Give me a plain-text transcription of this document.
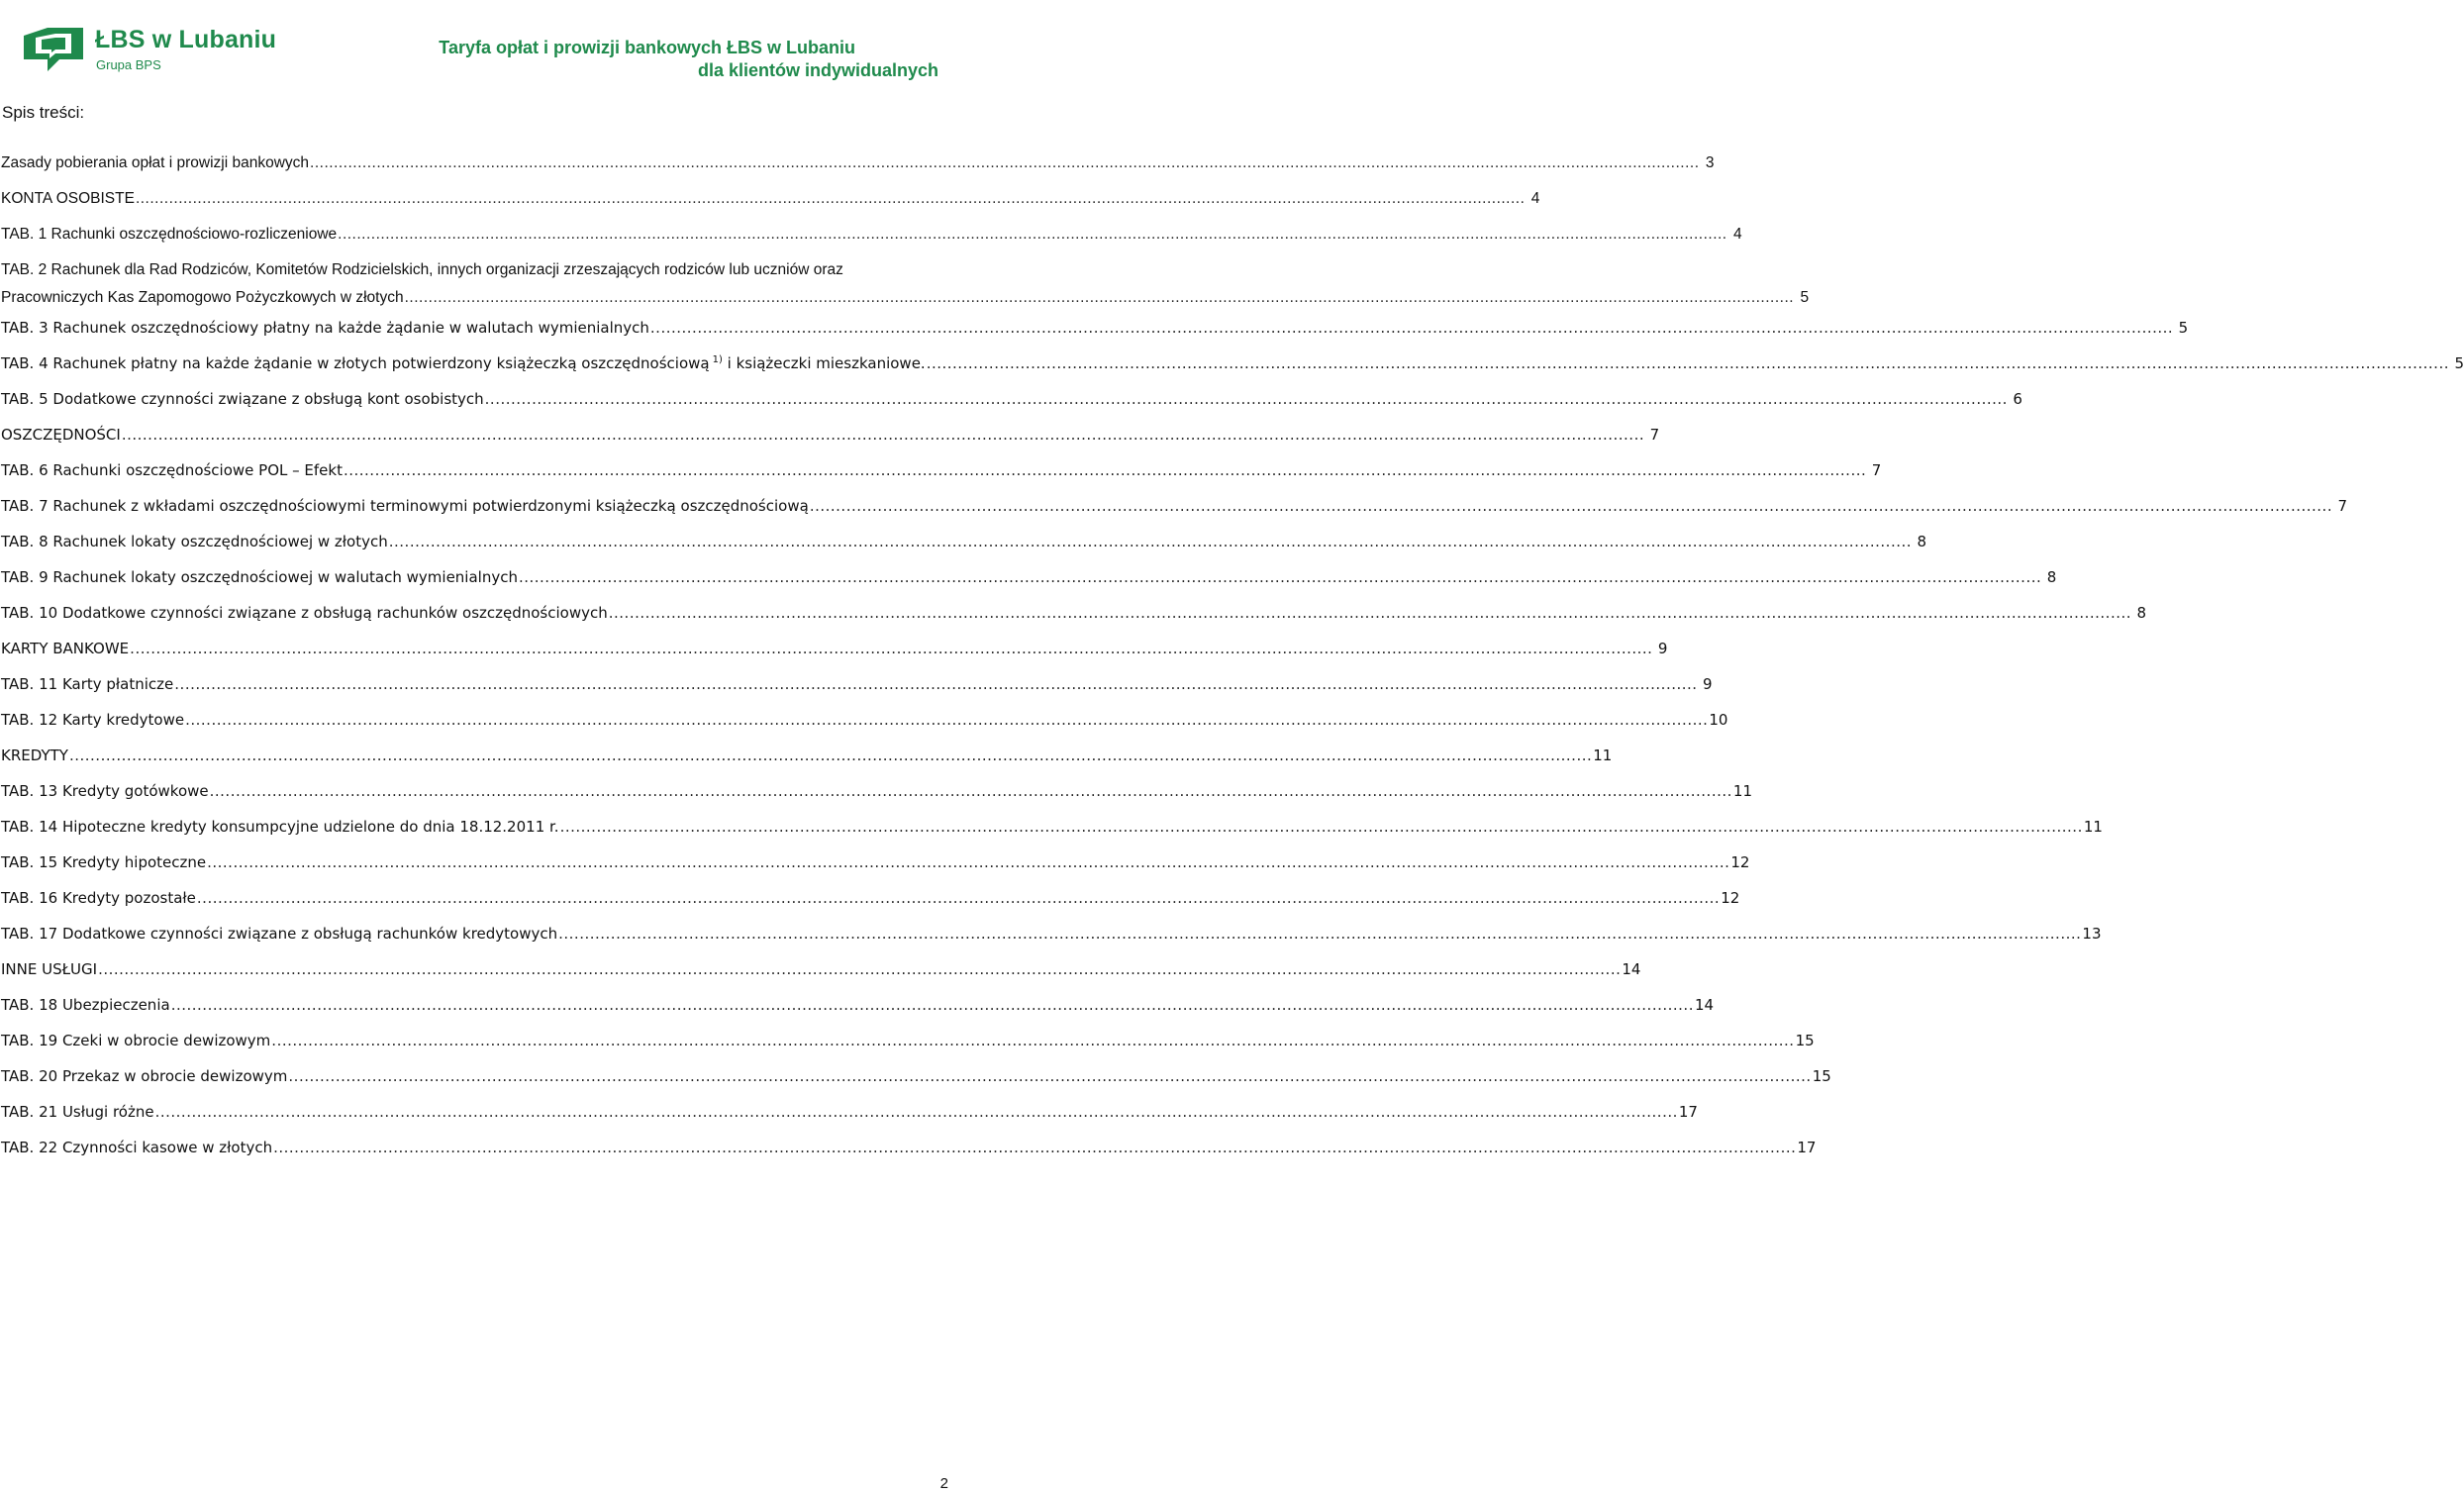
ŁBS w Lubaniu
Grupa BPS
Taryfa opłat i prowizji bankowych ŁBS w Lubaniu
dla klientów indywidualnych
Spis treści:
Zasady pobierania opłat i prowizji bankowych .....	3
KONTA OSOBISTE .....	4
TAB. 1 Rachunki oszczędnościowo-rozliczeniowe .....	4
TAB. 2 Rachunek dla Rad Rodziców, Komitetów Rodzicielskich, innych organizacji zrzeszających rodziców lub uczniów oraz
Pracowniczych Kas Zapomogowo Pożyczkowych w złotych .....	5
TAB. 3 Rachunek oszczędnościowy płatny na każde żądanie w walutach wymienialnych .....	5
TAB. 4 Rachunek płatny na każde żądanie w złotych potwierdzony książeczką oszczędnościową  $^{1)}$ i książeczki mieszkaniowe. .....	5
TAB. 5 Dodatkowe czynności związane z obsługą kont osobistych .....	6
OSZCZĘDNOŚCI .....	7
TAB. 6 Rachunki oszczędnościowe POL – Efekt .....	7
TAB. 7 Rachunek z wkładami oszczędnościowymi terminowymi potwierdzonymi książeczką oszczędnościową .....	7
TAB. 8 Rachunek lokaty oszczędnościowej w złotych .....	8
TAB. 9 Rachunek lokaty oszczędnościowej w walutach wymienialnych .....	8
TAB. 10 Dodatkowe czynności związane z obsługą rachunków oszczędnościowych .....	8
KARTY BANKOWE .....	9
TAB. 11 Karty płatnicze .....	9
TAB. 12 Karty kredytowe .....	10
KREDYTY .....	11
TAB. 13 Kredyty gotówkowe .....	11
TAB. 14 Hipoteczne kredyty konsumpcyjne udzielone do dnia 18.12.2011 r. .....	11
TAB. 15 Kredyty hipoteczne .....	12
TAB. 16 Kredyty pozostałe .....	12
TAB. 17 Dodatkowe czynności związane z obsługą rachunków kredytowych .....	13
INNE USŁUGI .....	14
TAB. 18 Ubezpieczenia .....	14
TAB. 19 Czeki w obrocie dewizowym .....	15
TAB. 20 Przekaz w obrocie dewizowym .....	15
TAB. 21 Usługi różne .....	17
TAB. 22 Czynności kasowe w złotych .....	17
2
